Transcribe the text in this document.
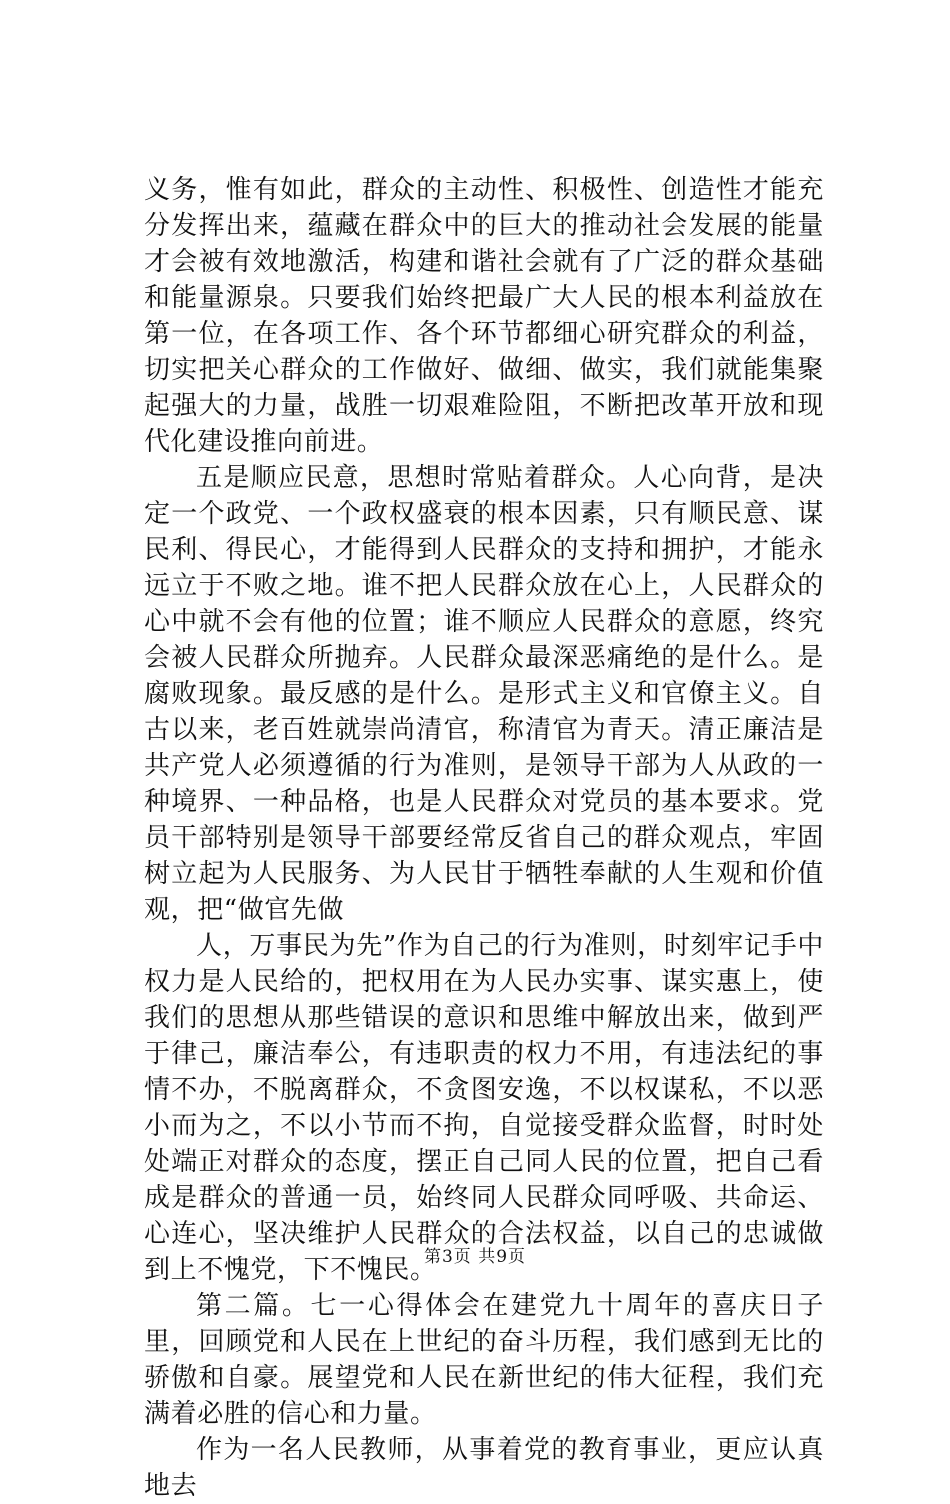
义务，惟有如此，群众的主动性、积极性、创造性才能充分发挥出来，蕴藏在群众中的巨大的推动社会发展的能量才会被有效地激活，构建和谐社会就有了广泛的群众基础和能量源泉。只要我们始终把最广大人民的根本利益放在第一位，在各项工作、各个环节都细心研究群众的利益，切实把关心群众的工作做好、做细、做实，我们就能集聚起强大的力量，战胜一切艰难险阻，不断把改革开放和现代化建设推向前进。

五是顺应民意，思想时常贴着群众。人心向背，是决定一个政党、一个政权盛衰的根本因素，只有顺民意、谋民利、得民心，才能得到人民群众的支持和拥护，才能永远立于不败之地。谁不把人民群众放在心上，人民群众的心中就不会有他的位置；谁不顺应人民群众的意愿，终究会被人民群众所抛弃。人民群众最深恶痛绝的是什么。是腐败现象。最反感的是什么。是形式主义和官僚主义。自古以来，老百姓就崇尚清官，称清官为青天。清正廉洁是共产党人必须遵循的行为准则，是领导干部为人从政的一种境界、一种品格，也是人民群众对党员的基本要求。党员干部特别是领导干部要经常反省自己的群众观点，牢固树立起为人民服务、为人民甘于牺牲奉献的人生观和价值观，把“做官先做

人，万事民为先”作为自己的行为准则，时刻牢记手中权力是人民给的，把权用在为人民办实事、谋实惠上，使我们的思想从那些错误的意识和思维中解放出来，做到严于律己，廉洁奉公，有违职责的权力不用，有违法纪的事情不办，不脱离群众，不贪图安逸，不以权谋私，不以恶小而为之，不以小节而不拘，自觉接受群众监督，时时处处端正对群众的态度，摆正自己同人民的位置，把自己看成是群众的普通一员，始终同人民群众同呼吸、共命运、心连心，坚决维护人民群众的合法权益，以自己的忠诚做到上不愧党，下不愧民。

第二篇。七一心得体会在建党九十周年的喜庆日子里，回顾党和人民在上世纪的奋斗历程，我们感到无比的骄傲和自豪。展望党和人民在新世纪的伟大征程，我们充满着必胜的信心和力量。

作为一名人民教师，从事着党的教育事业，更应认真地去

第3页 共9页
